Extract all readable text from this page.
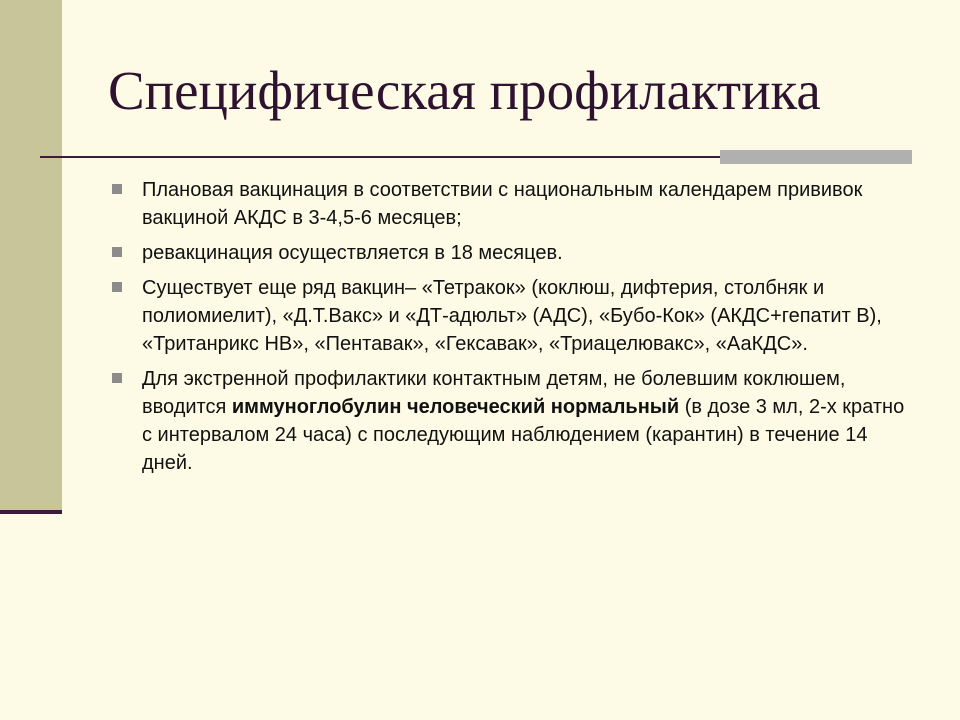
Специфическая профилактика
Плановая вакцинация в соответствии с национальным календарем прививок вакциной АКДС в 3-4,5-6 месяцев;
ревакцинация осуществляется в 18 месяцев.
Существует еще ряд вакцин– «Тетракок» (коклюш, дифтерия, столбняк и полиомиелит), «Д.Т.Вакс» и «ДТ-адюльт» (АДС), «Бубо-Кок» (АКДС+гепатит В), «Тританрикс НВ», «Пентавак», «Гексавак», «Триацелювакс», «АаКДС».
Для экстренной профилактики контактным детям, не болевшим коклюшем, вводится иммуноглобулин человеческий нормальный (в дозе 3 мл, 2-х кратно с интервалом 24 часа) с последующим наблюдением (карантин) в течение 14 дней.
